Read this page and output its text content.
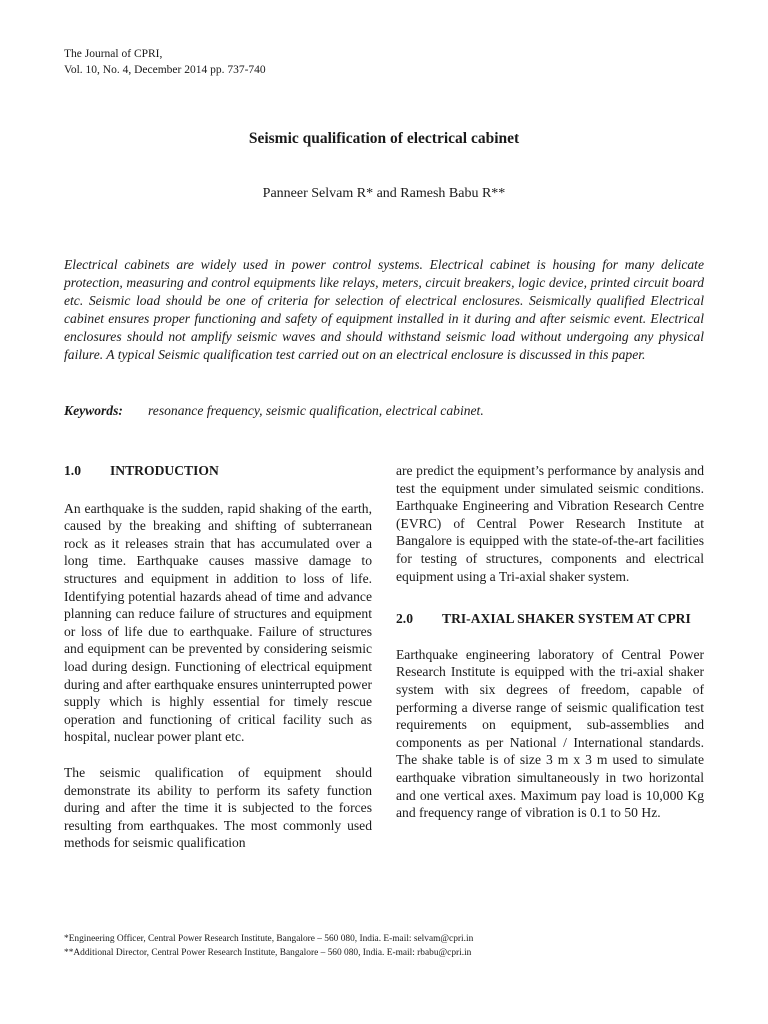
The Journal of CPRI,
Vol. 10, No. 4, December 2014 pp. 737-740
Seismic qualification of electrical cabinet
Panneer Selvam R* and Ramesh Babu R**
Electrical cabinets are widely used in power control systems. Electrical cabinet is housing for many delicate protection, measuring and control equipments like relays, meters, circuit breakers, logic device, printed circuit board etc. Seismic load should be one of criteria for selection of electrical enclosures. Seismically qualified Electrical cabinet ensures proper functioning and safety of equipment installed in it during and after seismic event. Electrical enclosures should not amplify seismic waves and should withstand seismic load without undergoing any physical failure. A typical Seismic qualification test carried out on an electrical enclosure is discussed in this paper.
Keywords: resonance frequency, seismic qualification, electrical cabinet.
1.0	INTRODUCTION

An earthquake is the sudden, rapid shaking of the earth, caused by the breaking and shifting of subterranean rock as it releases strain that has accumulated over a long time. Earthquake causes massive damage to structures and equipment in addition to loss of life. Identifying potential hazards ahead of time and advance planning can reduce failure of structures and equipment or loss of life due to earthquake. Failure of structures and equipment can be prevented by considering seismic load during design. Functioning of electrical equipment during and after earthquake ensures uninterrupted power supply which is highly essential for timely rescue operation and functioning of critical facility such as hospital, nuclear power plant etc.

The seismic qualification of equipment should demonstrate its ability to perform its safety function during and after the time it is subjected to the forces resulting from earthquakes. The most commonly used methods for seismic qualification

are predict the equipment’s performance by analysis and test the equipment under simulated seismic conditions. Earthquake Engineering and Vibration Research Centre (EVRC) of Central Power Research Institute at Bangalore is equipped with the state-of-the-art facilities for testing of structures, components and electrical equipment using a Tri-axial shaker system.

2.0	TRI-AXIAL SHAKER SYSTEM AT CPRI

Earthquake engineering laboratory of Central Power Research Institute is equipped with the tri-axial shaker system with six degrees of freedom, capable of performing a diverse range of seismic qualification test requirements on equipment, sub-assemblies and components as per National / International standards. The shake table is of size 3 m x 3 m used to simulate earthquake vibration simultaneously in two horizontal and one vertical axes. Maximum pay load is 10,000 Kg and frequency range of vibration is 0.1 to 50 Hz.

*Engineering Officer, Central Power Research Institute, Bangalore – 560 080, India. E-mail: selvam@cpri.in
**Additional Director, Central Power Research Institute, Bangalore – 560 080, India. E-mail: rbabu@cpri.in
